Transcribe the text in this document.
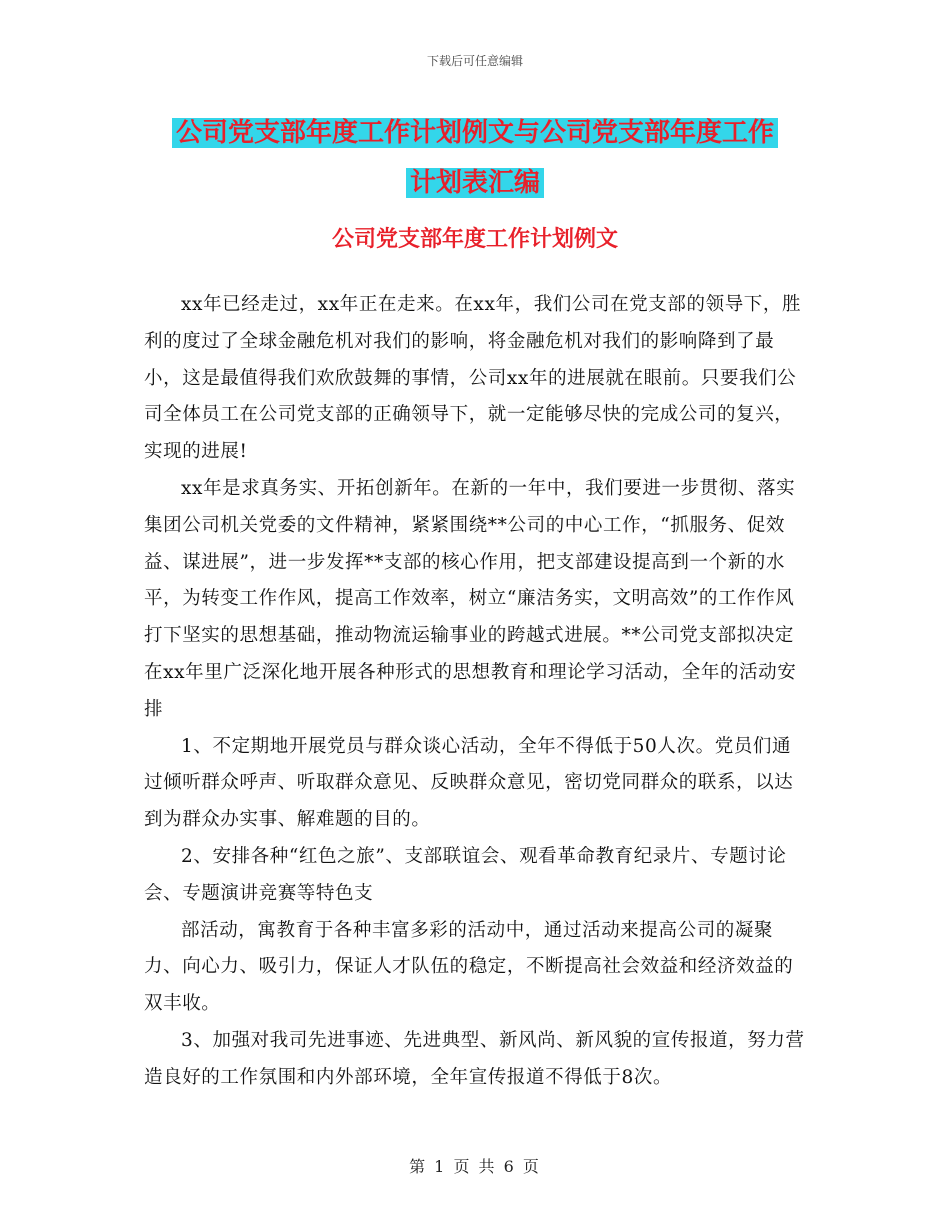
下载后可任意编辑
公司党支部年度工作计划例文与公司党支部年度工作
计划表汇编
公司党支部年度工作计划例文

xx年已经走过，xx年正在走来。在xx年，我们公司在党支部的领导下，胜利的度过了全球金融危机对我们的影响，将金融危机对我们的影响降到了最小，这是最值得我们欢欣鼓舞的事情，公司xx年的进展就在眼前。只要我们公司全体员工在公司党支部的正确领导下，就一定能够尽快的完成公司的复兴，实现的进展!

xx年是求真务实、开拓创新年。在新的一年中，我们要进一步贯彻、落实集团公司机关党委的文件精神，紧紧围绕**公司的中心工作，“抓服务、促效益、谋进展”，进一步发挥**支部的核心作用，把支部建设提高到一个新的水平，为转变工作作风，提高工作效率，树立“廉洁务实，文明高效”的工作作风打下坚实的思想基础，推动物流运输事业的跨越式进展。**公司党支部拟决定在xx年里广泛深化地开展各种形式的思想教育和理论学习活动，全年的活动安排

1、不定期地开展党员与群众谈心活动，全年不得低于50人次。党员们通过倾听群众呼声、听取群众意见、反映群众意见，密切党同群众的联系，以达到为群众办实事、解难题的目的。

2、安排各种“红色之旅”、支部联谊会、观看革命教育纪录片、专题讨论会、专题演讲竞赛等特色支

部活动，寓教育于各种丰富多彩的活动中，通过活动来提高公司的凝聚力、向心力、吸引力，保证人才队伍的稳定，不断提高社会效益和经济效益的双丰收。

3、加强对我司先进事迹、先进典型、新风尚、新风貌的宣传报道，努力营造良好的工作氛围和内外部环境，全年宣传报道不得低于8次。

第 1 页 共 6 页
